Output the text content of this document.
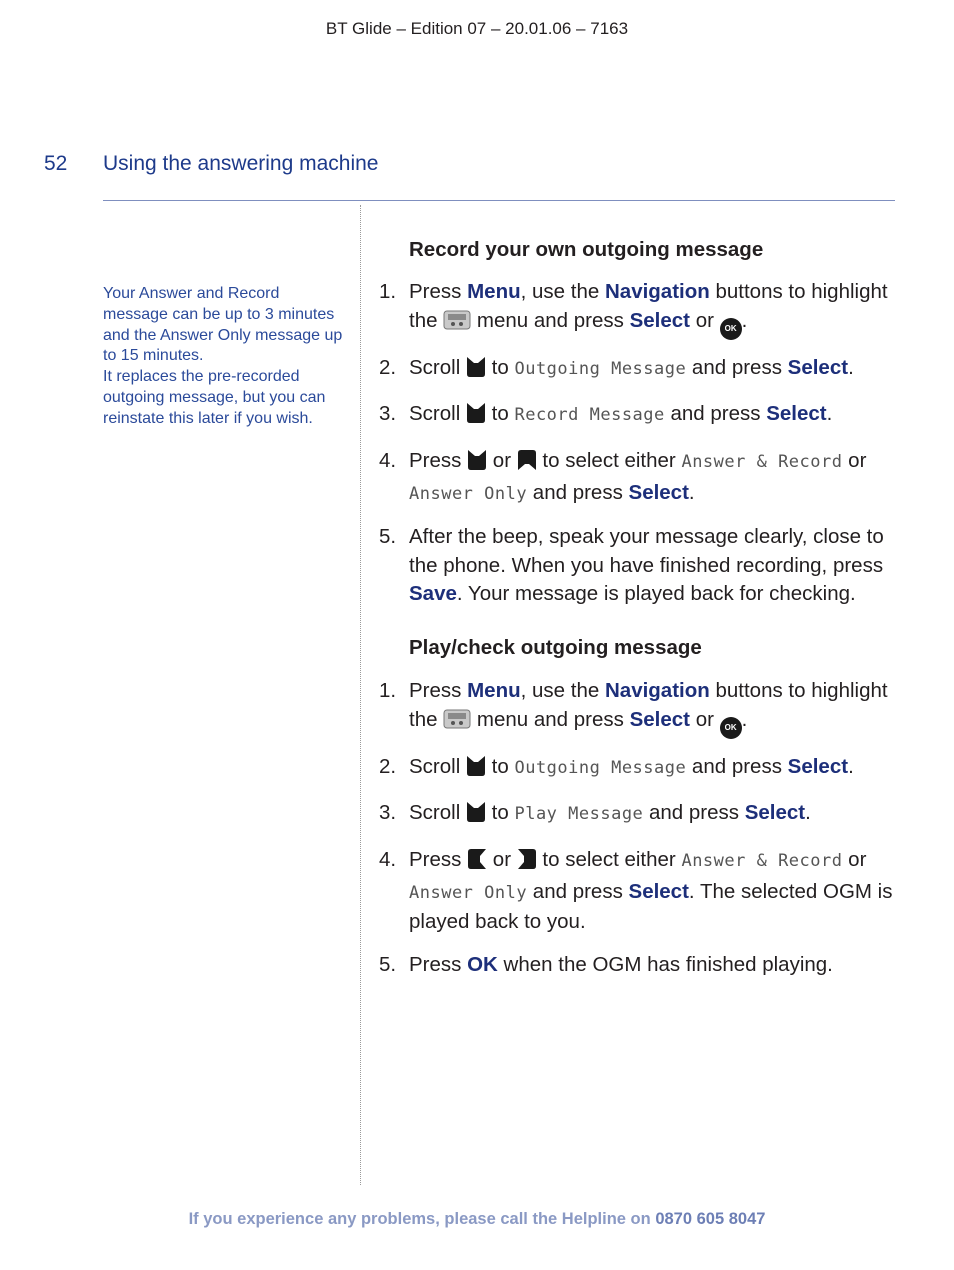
BT Glide – Edition 07 – 20.01.06 – 7163
52 Using the answering machine

Your Answer and Record message can be up to 3 minutes and the Answer Only message up to 15 minutes.

It replaces the pre-recorded outgoing message, but you can reinstate this later if you wish.

Record your own outgoing message
1. Press Menu, use the Navigation buttons to highlight the  menu and press Select or OK .
2. Scroll  to Outgoing Message and press Select.
3. Scroll  to Record Message and press Select.
4. Press  or  to select either Answer & Record or Answer Only and press Select.
5. After the beep, speak your message clearly, close to the phone. When you have finished recording, press Save. Your message is played back for checking.
Play/check outgoing message
1. Press Menu, use the Navigation buttons to highlight the  menu and press Select or OK .
2. Scroll  to Outgoing Message and press Select.
3. Scroll  to Play Message and press Select.
4. Press  or  to select either Answer & Record or Answer Only and press Select. The selected OGM is played back to you.
5. Press OK when the OGM has finished playing.
If you experience any problems, please call the Helpline on 0870 605 8047
